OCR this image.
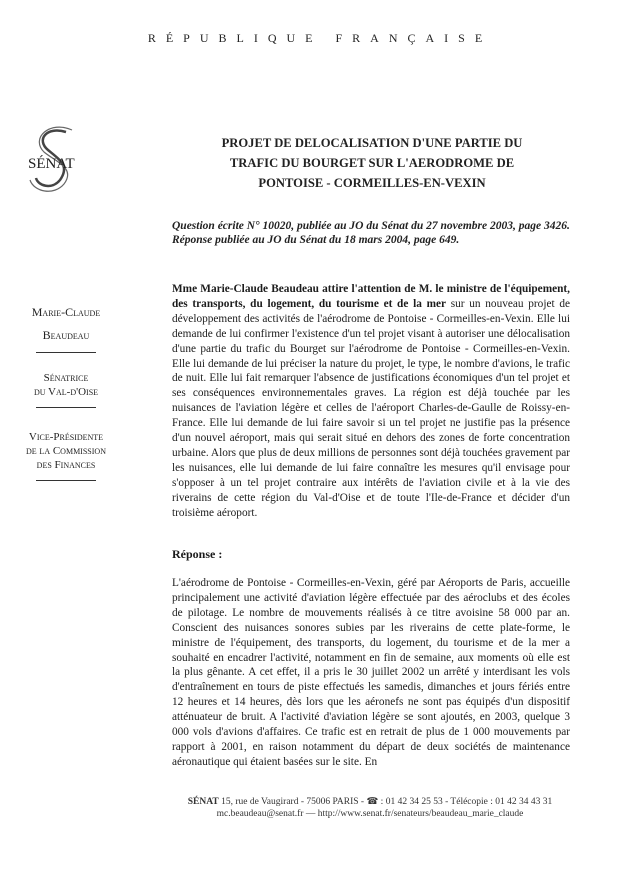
RÉPUBLIQUE FRANÇAISE
SÉNAT
Marie-Claude
Beaudeau
Sénatrice
du Val-d'Oise
Vice-Présidente
de la Commission
des Finances
PROJET DE DELOCALISATION D'UNE PARTIE DU
TRAFIC DU BOURGET SUR L'AERODROME DE
PONTOISE - CORMEILLES-EN-VEXIN
Question écrite N° 10020, publiée au JO du Sénat du 27 novembre 2003, page 3426. Réponse publiée au JO du Sénat du 18 mars 2004, page 649.
Mme Marie-Claude Beaudeau attire l'attention de M. le ministre de l'équipement, des transports, du logement, du tourisme et de la mer sur un nouveau projet de développement des activités de l'aérodrome de Pontoise - Cormeilles-en-Vexin. Elle lui demande de lui confirmer l'existence d'un tel projet visant à autoriser une délocalisation d'une partie du trafic du Bourget sur l'aérodrome de Pontoise - Cormeilles-en-Vexin. Elle lui demande de lui préciser la nature du projet, le type, le nombre d'avions, le trafic de nuit. Elle lui fait remarquer l'absence de justifications économiques d'un tel projet et ses conséquences environnementales graves. La région est déjà touchée par les nuisances de l'aviation légère et celles de l'aéroport Charles-de-Gaulle de Roissy-en-France. Elle lui demande de lui faire savoir si un tel projet ne justifie pas la présence d'un nouvel aéroport, mais qui serait situé en dehors des zones de forte concentration urbaine. Alors que plus de deux millions de personnes sont déjà touchées gravement par les nuisances, elle lui demande de lui faire connaître les mesures qu'il envisage pour s'opposer à un tel projet contraire aux intérêts de l'aviation civile et à la vie des riverains de cette région du Val-d'Oise et de toute l'Ile-de-France et décider d'un troisième aéroport.
Réponse :
L'aérodrome de Pontoise - Cormeilles-en-Vexin, géré par Aéroports de Paris, accueille principalement une activité d'aviation légère effectuée par des aéroclubs et des écoles de pilotage. Le nombre de mouvements réalisés à ce titre avoisine 58 000 par an. Conscient des nuisances sonores subies par les riverains de cette plate-forme, le ministre de l'équipement, des transports, du logement, du tourisme et de la mer a souhaité en encadrer l'activité, notamment en fin de semaine, aux moments où elle est la plus gênante. A cet effet, il a pris le 30 juillet 2002 un arrêté y interdisant les vols d'entraînement en tours de piste effectués les samedis, dimanches et jours fériés entre 12 heures et 14 heures, dès lors que les aéronefs ne sont pas équipés d'un dispositif atténuateur de bruit. A l'activité d'aviation légère se sont ajoutés, en 2003, quelque 3 000 vols d'avions d'affaires. Ce trafic est en retrait de plus de 1 000 mouvements par rapport à 2001, en raison notamment du départ de deux sociétés de maintenance aéronautique qui étaient basées sur le site. En
SÉNAT 15, rue de Vaugirard - 75006 PARIS - ☎ : 01 42 34 25 53 - Télécopie : 01 42 34 43 31
mc.beaudeau@senat.fr — http://www.senat.fr/senateurs/beaudeau_marie_claude
